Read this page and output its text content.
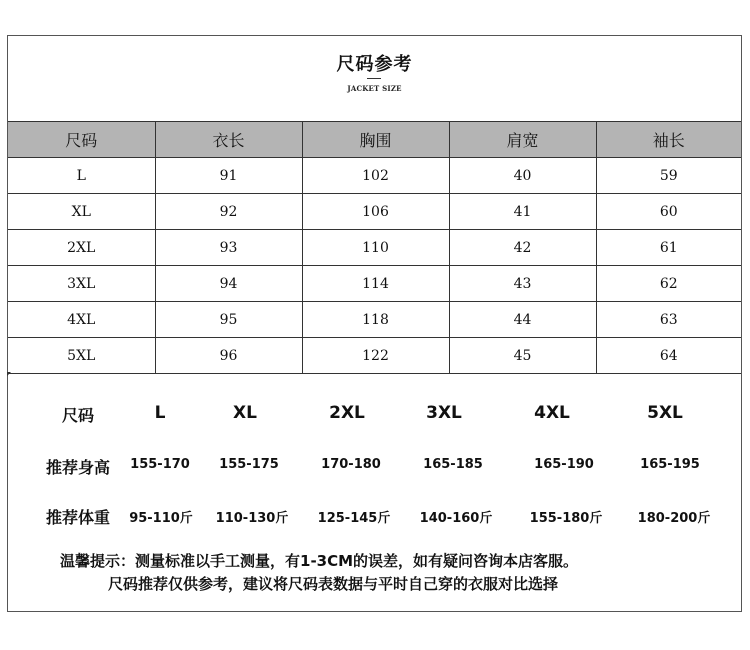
尺码参考
JACKET SIZE
尺码	衣长	胸围	肩宽	袖长
L	91	102	40	59
XL	92	106	41	60
2XL	93	110	42	61
3XL	94	114	43	62
4XL	95	118	44	63
5XL	96	122	45	64
尺码	L	XL	2XL	3XL	4XL	5XL
推荐身高 155-170 155-175	170-180	165-185	165-190	165-195
推荐体重 95-110斤 110-130斤 125-145斤 140-160斤	155-180斤	180-200斤
温馨提示：测量标准以手工测量，有1-3CM的误差，如有疑问咨询本店客服。
尺码推荐仅供参考，建议将尺码表数据与平时自己穿的衣服对比选择
